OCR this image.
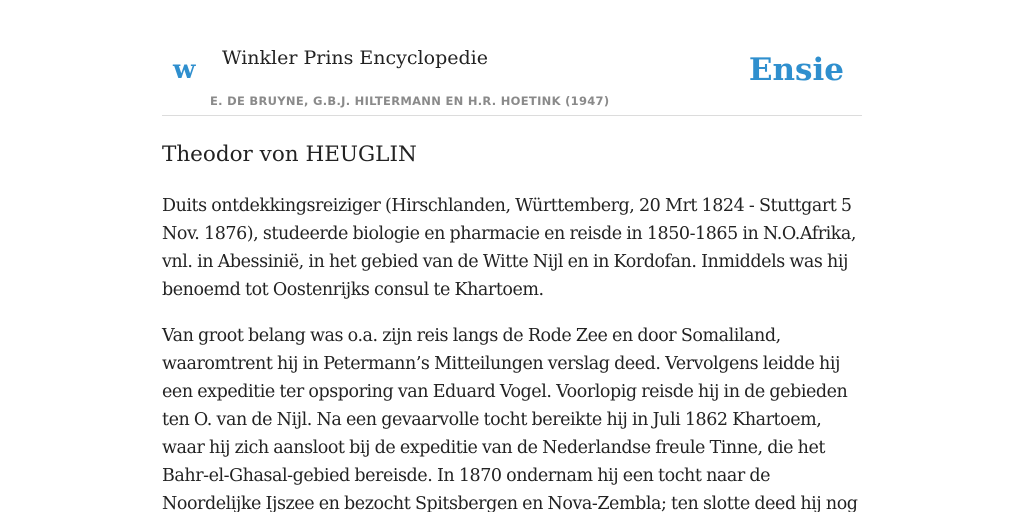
w Winkler Prins Encyclopedie
E. DE BRUYNE, G.B.J. HILTERMANN EN H.R. HOETINK (1947)
Ensie
Theodor von HEUGLIN

Duits ontdekkingsreiziger (Hirschlanden, Württemberg, 20 Mrt 1824 - Stuttgart 5 Nov. 1876), studeerde biologie en pharmacie en reisde in 1850-1865 in N.O.Afrika, vnl. in Abessinië, in het gebied van de Witte Nijl en in Kordofan. Inmiddels was hij benoemd tot Oostenrijks consul te Khartoem.

Van groot belang was o.a. zijn reis langs de Rode Zee en door Somaliland, waaromtrent hij in Petermann’s Mitteilungen verslag deed. Vervolgens leidde hij een expeditie ter opsporing van Eduard Vogel. Voorlopig reisde hij in de gebieden ten O. van de Nijl. Na een gevaarvolle tocht bereikte hij in Juli 1862 Khartoem, waar hij zich aansloot bij de expeditie van de Nederlandse freule Tinne, die het Bahr-el-Ghasal-gebied bereisde. In 1870 ondernam hij een tocht naar de Noordelijke Ijszee en bezocht Spitsbergen en Nova-Zembla; ten slotte deed hij nog
